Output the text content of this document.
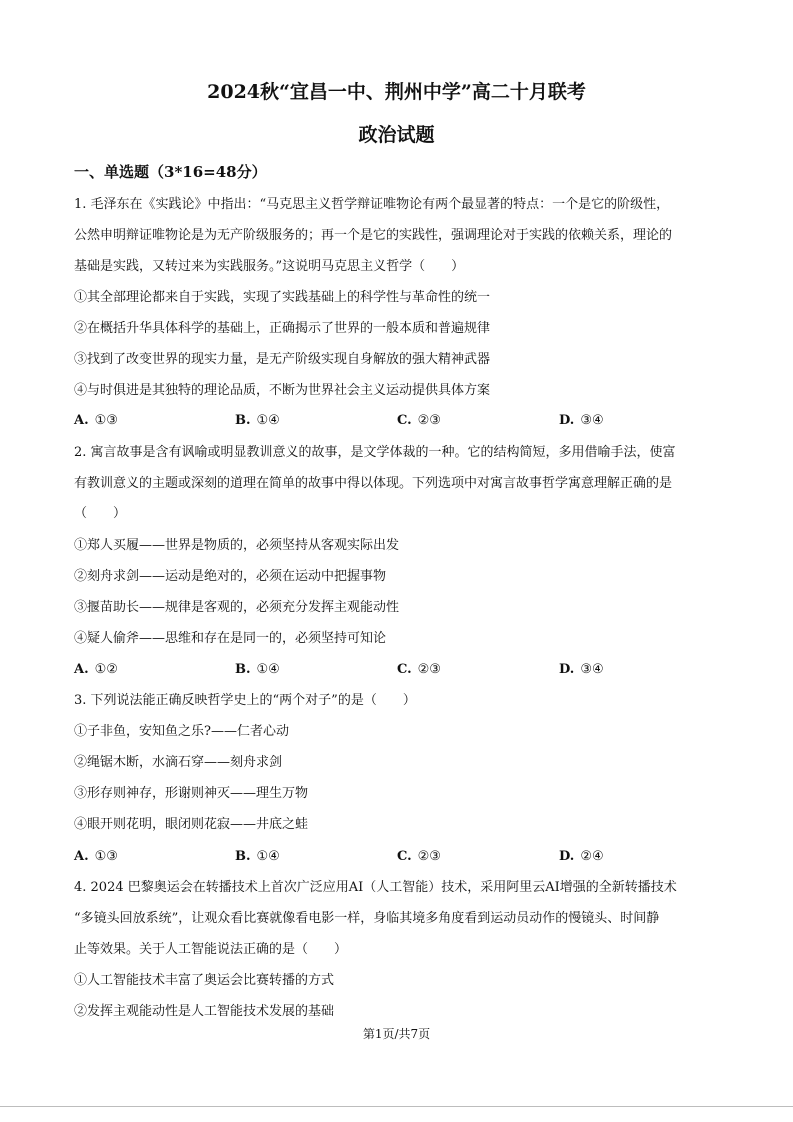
2024秋“宜昌一中、荆州中学”高二十月联考
政治试题
一、单选题（3*16=48分）
1. 毛泽东在《实践论》中指出：“马克思主义哲学辩证唯物论有两个最显著的特点：一个是它的阶级性，
公然申明辩证唯物论是为无产阶级服务的；再一个是它的实践性，强调理论对于实践的依赖关系，理论的
基础是实践，又转过来为实践服务。”这说明马克思主义哲学（　　）
①其全部理论都来自于实践，实现了实践基础上的科学性与革命性的统一
②在概括升华具体科学的基础上，正确揭示了世界的一般本质和普遍规律
③找到了改变世界的现实力量，是无产阶级实现自身解放的强大精神武器
④与时俱进是其独特的理论品质，不断为世界社会主义运动提供具体方案
A. ①③	B. ①④	C. ②③	D. ③④
2. 寓言故事是含有讽喻或明显教训意义的故事，是文学体裁的一种。它的结构简短，多用借喻手法，使富
有教训意义的主题或深刻的道理在简单的故事中得以体现。下列选项中对寓言故事哲学寓意理解正确的是
（　　）
①郑人买履——世界是物质的，必须坚持从客观实际出发
②刻舟求剑——运动是绝对的，必须在运动中把握事物
③揠苗助长——规律是客观的，必须充分发挥主观能动性
④疑人偷斧——思维和存在是同一的，必须坚持可知论
A. ①②	B. ①④	C. ②③	D. ③④
3. 下列说法能正确反映哲学史上的“两个对子”的是（　　）
①子非鱼，安知鱼之乐?——仁者心动
②绳锯木断，水滴石穿——刻舟求剑
③形存则神存，形谢则神灭——理生万物
④眼开则花明，眼闭则花寂——井底之蛙
A. ①③	B. ①④	C. ②③	D. ②④
4. 2024 巴黎奥运会在转播技术上首次广泛应用AI（人工智能）技术，采用阿里云AI增强的全新转播技术
“多镜头回放系统”，让观众看比赛就像看电影一样，身临其境多角度看到运动员动作的慢镜头、时间静
止等效果。关于人工智能说法正确的是（　　）
①人工智能技术丰富了奥运会比赛转播的方式
②发挥主观能动性是人工智能技术发展的基础
第1页/共7页
